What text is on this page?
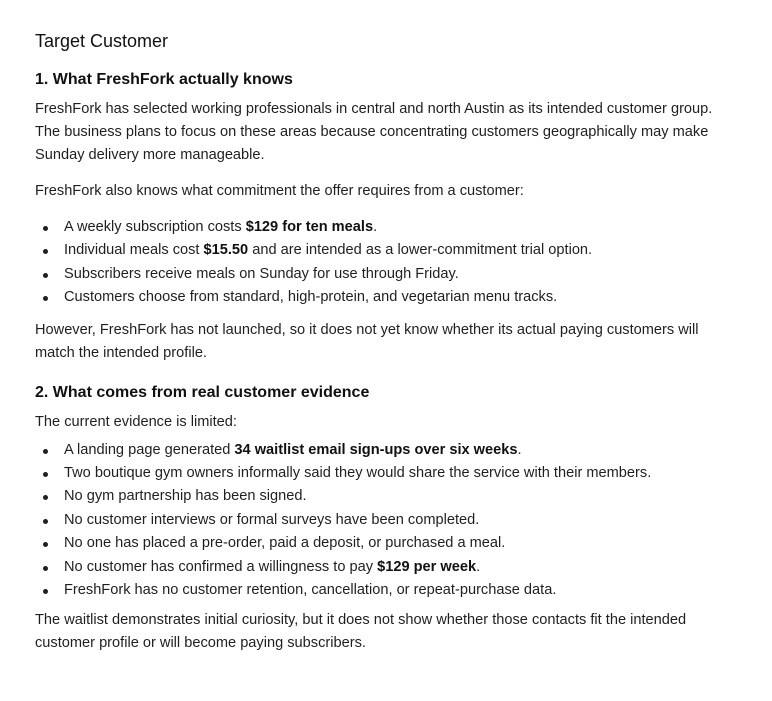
Target Customer
1. What FreshFork actually knows

FreshFork has selected working professionals in central and north Austin as its intended customer group. The business plans to focus on these areas because concentrating customers geographically may make Sunday delivery more manageable.

FreshFork also knows what commitment the offer requires from a customer:

A weekly subscription costs $129 for ten meals.
Individual meals cost $15.50 and are intended as a lower-commitment trial option.
Subscribers receive meals on Sunday for use through Friday.
Customers choose from standard, high-protein, and vegetarian menu tracks.

However, FreshFork has not launched, so it does not yet know whether its actual paying customers will match the intended profile.

2. What comes from real customer evidence

The current evidence is limited:

A landing page generated 34 waitlist email sign-ups over six weeks.
Two boutique gym owners informally said they would share the service with their members.
No gym partnership has been signed.
No customer interviews or formal surveys have been completed.
No one has placed a pre-order, paid a deposit, or purchased a meal.
No customer has confirmed a willingness to pay $129 per week.
FreshFork has no customer retention, cancellation, or repeat-purchase data.

The waitlist demonstrates initial curiosity, but it does not show whether those contacts fit the intended customer profile or will become paying subscribers.
